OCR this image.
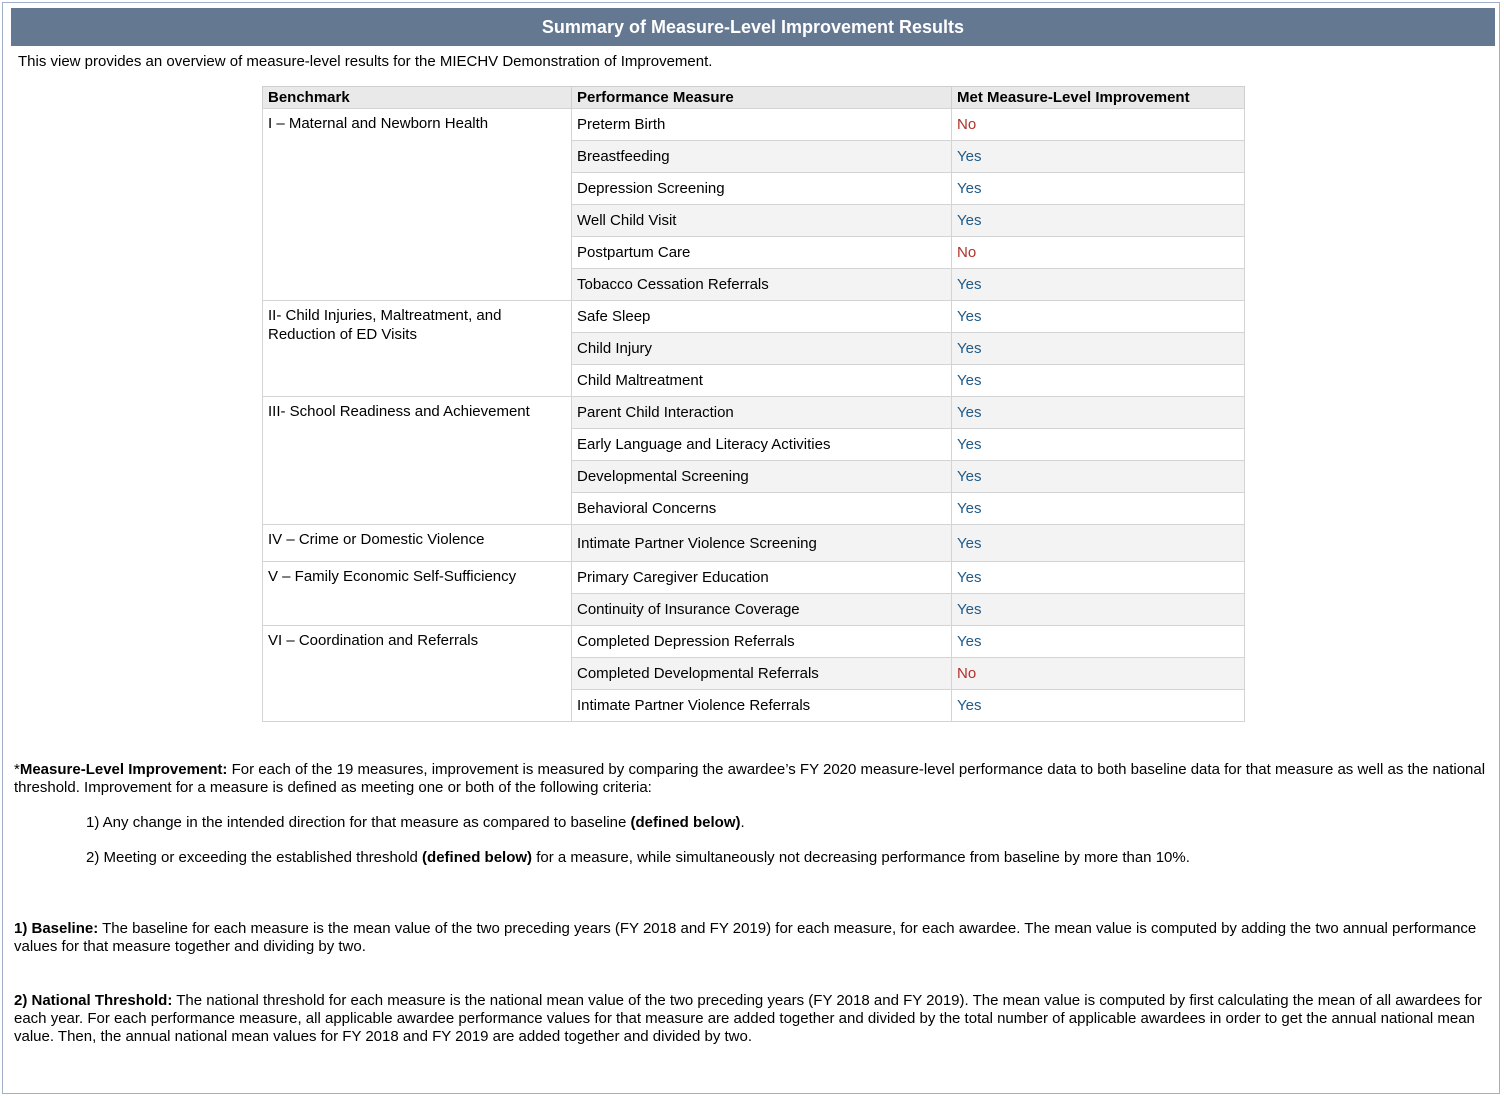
Summary of Measure-Level Improvement Results
This view provides an overview of measure-level results for the MIECHV Demonstration of Improvement.
Benchmark	Performance Measure	Met Measure-Level Improvement
I – Maternal and Newborn Health	Preterm Birth	No
	Breastfeeding	Yes
	Depression Screening	Yes
	Well Child Visit	Yes
	Postpartum Care	No
	Tobacco Cessation Referrals	Yes
II- Child Injuries, Maltreatment, and Reduction of ED Visits	Safe Sleep	Yes
	Child Injury	Yes
	Child Maltreatment	Yes
III- School Readiness and Achievement	Parent Child Interaction	Yes
	Early Language and Literacy Activities	Yes
	Developmental Screening	Yes
	Behavioral Concerns	Yes
IV – Crime or Domestic Violence	Intimate Partner Violence Screening	Yes
V – Family Economic Self-Sufficiency	Primary Caregiver Education	Yes
	Continuity of Insurance Coverage	Yes
VI – Coordination and Referrals	Completed Depression Referrals	Yes
	Completed Developmental Referrals	No
	Intimate Partner Violence Referrals	Yes

*Measure-Level Improvement: For each of the 19 measures, improvement is measured by comparing the awardee’s FY 2020 measure-level performance data to both baseline data for that measure as well as the national threshold. Improvement for a measure is defined as meeting one or both of the following criteria:

1) Any change in the intended direction for that measure as compared to baseline (defined below).

2) Meeting or exceeding the established threshold (defined below) for a measure, while simultaneously not decreasing performance from baseline by more than 10%.

1) Baseline: The baseline for each measure is the mean value of the two preceding years (FY 2018 and FY 2019) for each measure, for each awardee. The mean value is computed by adding the two annual performance values for that measure together and dividing by two.

2) National Threshold: The national threshold for each measure is the national mean value of the two preceding years (FY 2018 and FY 2019). The mean value is computed by first calculating the mean of all awardees for each year. For each performance measure, all applicable awardee performance values for that measure are added together and divided by the total number of applicable awardees in order to get the annual national mean value. Then, the annual national mean values for FY 2018 and FY 2019 are added together and divided by two.
